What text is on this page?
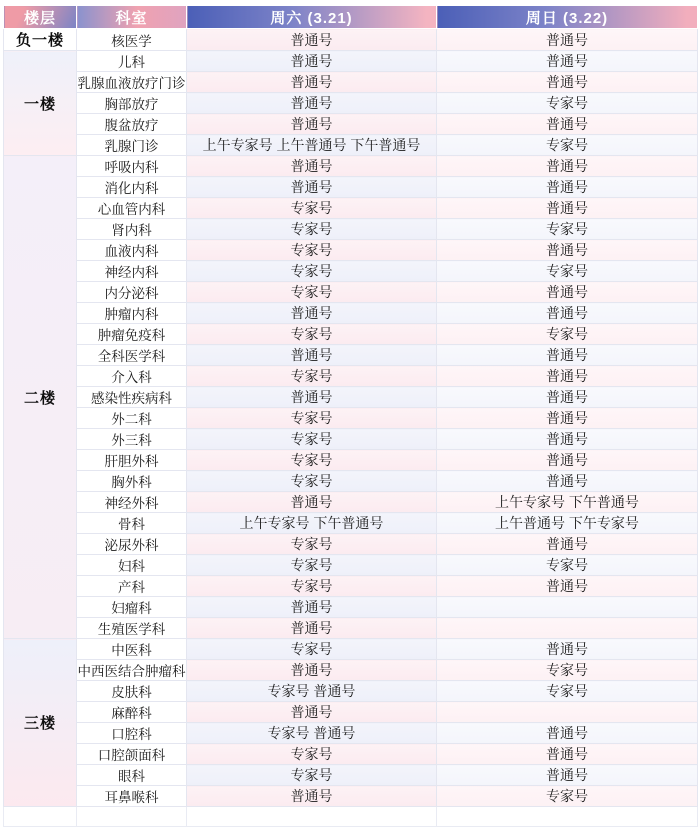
楼层	科室	周六 (3.21)	周日 (3.22)
负一楼	核医学	普通号	普通号
一楼	儿科	普通号	普通号
	乳腺血液放疗门诊	普通号	普通号
	胸部放疗	普通号	专家号
	腹盆放疗	普通号	普通号
	乳腺门诊	上午专家号 上午普通号 下午普通号	专家号
二楼	呼吸内科	普通号	普通号
	消化内科	普通号	普通号
	心血管内科	专家号	普通号
	肾内科	专家号	专家号
	血液内科	专家号	普通号
	神经内科	专家号	专家号
	内分泌科	专家号	普通号
	肿瘤内科	普通号	普通号
	肿瘤免疫科	专家号	专家号
	全科医学科	普通号	普通号
	介入科	专家号	普通号
	感染性疾病科	普通号	普通号
	外二科	专家号	普通号
	外三科	专家号	普通号
	肝胆外科	专家号	普通号
	胸外科	专家号	普通号
	神经外科	普通号	上午专家号 下午普通号
	骨科	上午专家号 下午普通号	上午普通号 下午专家号
	泌尿外科	专家号	普通号
	妇科	专家号	专家号
	产科	专家号	普通号
	妇瘤科	普通号	
	生殖医学科	普通号	
三楼	中医科	专家号	普通号
	中西医结合肿瘤科	普通号	专家号
	皮肤科	专家号 普通号	专家号
	麻醉科	普通号	
	口腔科	专家号 普通号	普通号
	口腔颌面科	专家号	普通号
	眼科	专家号	普通号
	耳鼻喉科	普通号	专家号
